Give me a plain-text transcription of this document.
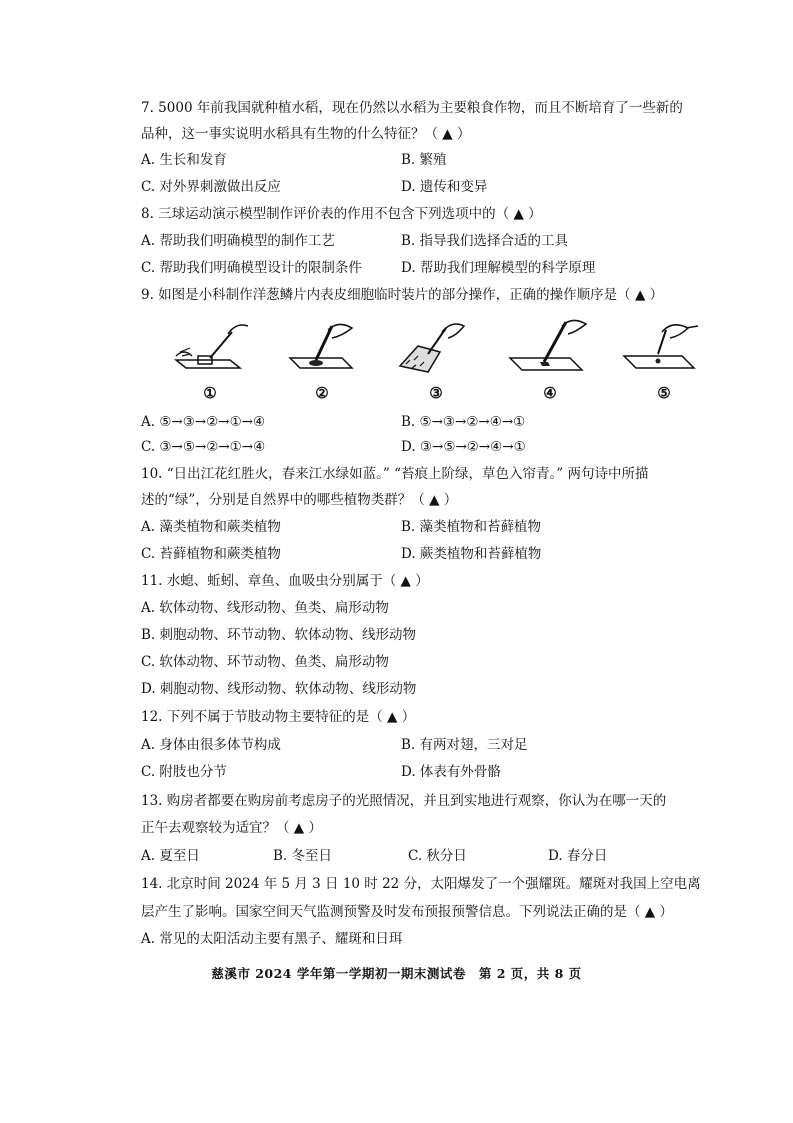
7. 5000 年前我国就种植水稻，现在仍然以水稻为主要粮食作物，而且不断培育了一些新的
品种，这一事实说明水稻具有生物的什么特征？（ ▲ ）
A. 生长和发育	B. 繁殖
C. 对外界刺激做出反应	D. 遗传和变异
8. 三球运动演示模型制作评价表的作用不包含下列选项中的（ ▲ ）
A. 帮助我们明确模型的制作工艺	B. 指导我们选择合适的工具
C. 帮助我们明确模型设计的限制条件	D. 帮助我们理解模型的科学原理
9. 如图是小科制作洋葱鳞片内表皮细胞临时装片的部分操作，正确的操作顺序是（ ▲ ）
①	②	③	④	⑤
A. ⑤→③→②→①→④	B. ⑤→③→②→④→①
C. ③→⑤→②→①→④	D. ③→⑤→②→④→①
10. “日出江花红胜火，春来江水绿如蓝。” “苔痕上阶绿，草色入帘青。” 两句诗中所描
述的“绿”，分别是自然界中的哪些植物类群？（ ▲ ）
A. 藻类植物和蕨类植物	B. 藻类植物和苔藓植物
C. 苔藓植物和蕨类植物	D. 蕨类植物和苔藓植物
11. 水螅、蚯蚓、章鱼、血吸虫分别属于（ ▲ ）
A. 软体动物、线形动物、鱼类、扁形动物
B. 刺胞动物、环节动物、软体动物、线形动物
C. 软体动物、环节动物、鱼类、扁形动物
D. 刺胞动物、线形动物、软体动物、线形动物
12. 下列不属于节肢动物主要特征的是（ ▲ ）
A. 身体由很多体节构成	B. 有两对翅，三对足
C. 附肢也分节	D. 体表有外骨骼
13. 购房者都要在购房前考虑房子的光照情况，并且到实地进行观察，你认为在哪一天的
正午去观察较为适宜？（ ▲ ）
A. 夏至日	B. 冬至日	C. 秋分日	D. 春分日
14. 北京时间 2024 年 5 月 3 日 10 时 22 分，太阳爆发了一个强耀斑。耀斑对我国上空电离
层产生了影响。国家空间天气监测预警及时发布预报预警信息。下列说法正确的是（ ▲ ）
A. 常见的太阳活动主要有黑子、耀斑和日珥
慈溪市 2024 学年第一学期初一期末测试卷　第 2 页，共 8 页
